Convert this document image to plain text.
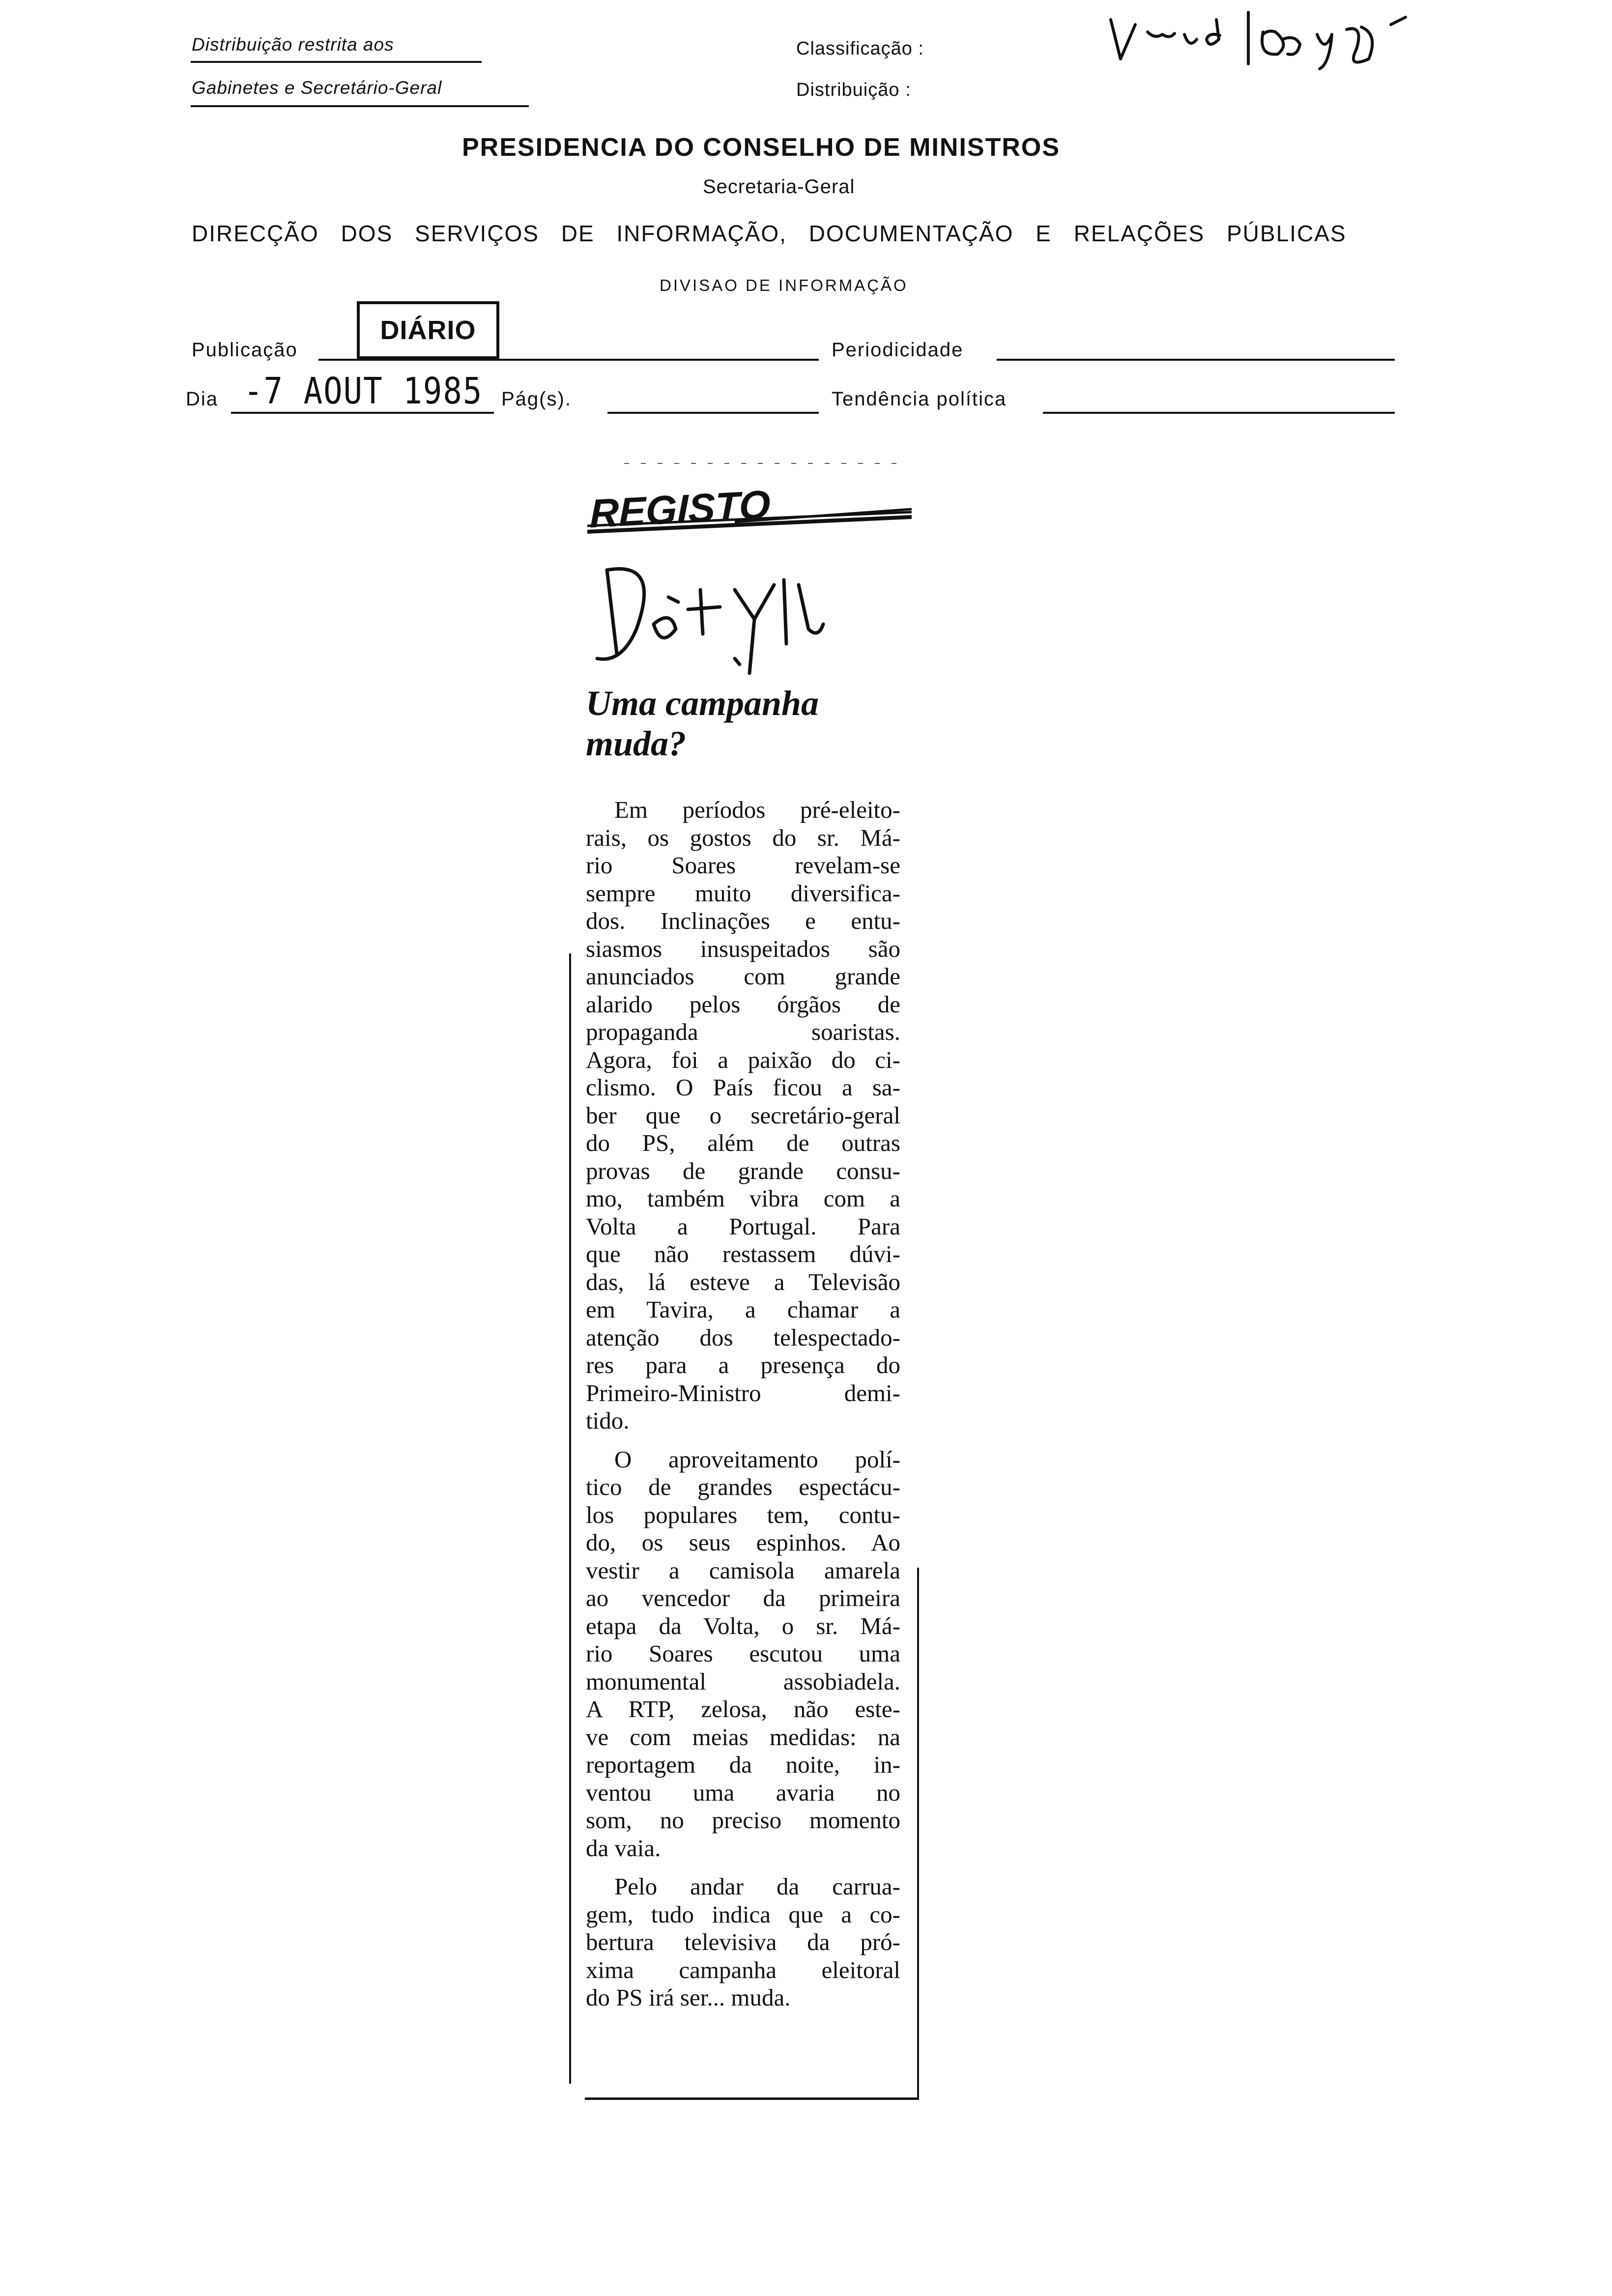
Distribuição restrita aos
Gabinetes e Secretário-Geral
Classificação :
Distribuição :
PRESIDENCIA DO CONSELHO DE MINISTROS
Secretaria-Geral
DIRECÇÃO DOS SERVIÇOS DE INFORMAÇÃO, DOCUMENTAÇÃO E RELAÇÕES PÚBLICAS
DIVISAO DE INFORMAÇÃO
Publicação
DIÁRIO
Periodicidade
Dia -7 AOUT 1985 Pág(s).	Tendência política
REGISTO
Uma campanha
muda?

Em períodos pré-eleito-
rais, os gostos do sr. Má-
rio Soares revelam-se
sempre muito diversifica-
dos. Inclinações e entu-
siasmos insuspeitados são
anunciados com grande
alarido pelos órgãos de
propaganda soaristas.
Agora, foi a paixão do ci-
clismo. O País ficou a sa-
ber que o secretário-geral
do PS, além de outras
provas de grande consu-
mo, também vibra com a
Volta a Portugal. Para
que não restassem dúvi-
das, lá esteve a Televisão
em Tavira, a chamar a
atenção dos telespectado-
res para a presença do
Primeiro-Ministro demi-
tido.

O aproveitamento polí-
tico de grandes espectácu-
los populares tem, contu-
do, os seus espinhos. Ao
vestir a camisola amarela
ao vencedor da primeira
etapa da Volta, o sr. Má-
rio Soares escutou uma
monumental assobiadela.
A RTP, zelosa, não este-
ve com meias medidas: na
reportagem da noite, in-
ventou uma avaria no
som, no preciso momento
da vaia.

Pelo andar da carrua-
gem, tudo indica que a co-
bertura televisiva da pró-
xima campanha eleitoral
do PS irá ser... muda.
